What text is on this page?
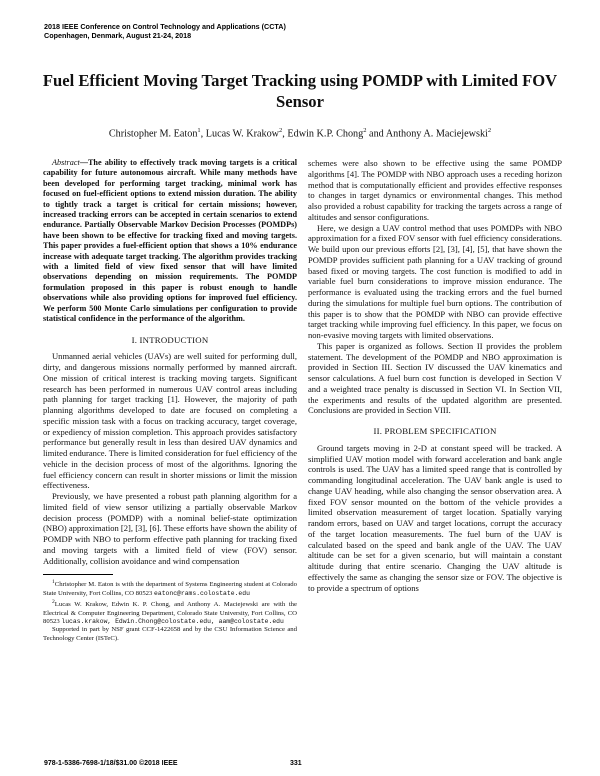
2018 IEEE Conference on Control Technology and Applications (CCTA)
Copenhagen, Denmark, August 21-24, 2018
Fuel Efficient Moving Target Tracking using POMDP with Limited FOV Sensor

Christopher M. Eaton$^1$, Lucas W. Krakow$^2$, Edwin K.P. Chong$^2$ and Anthony A. Maciejewski$^2$

Abstract—The ability to effectively track moving targets is a critical capability for future autonomous aircraft. While many methods have been developed for performing target tracking, minimal work has focused on fuel-efficient options to extend mission duration. The ability to tightly track a target is critical for certain missions; however, increased tracking errors can be accepted in certain scenarios to extend endurance. Partially Observable Markov Decision Processes (POMDPs) have been shown to be effective for tracking fixed and moving targets. This paper provides a fuel-efficient option that shows a 10% endurance increase with adequate target tracking. The algorithm provides tracking with a limited field of view fixed sensor that will have limited observations depending on mission requirements. The POMDP formulation proposed in this paper is robust enough to handle observations while also providing options for improved fuel efficiency. We perform 500 Monte Carlo simulations per configuration to provide statistical confidence in the performance of the algorithm.

I. INTRODUCTION

Unmanned aerial vehicles (UAVs) are well suited for performing dull, dirty, and dangerous missions normally performed by manned aircraft. One mission of critical interest is tracking moving targets. Significant research has been performed in numerous UAV control areas including path planning for target tracking [1]. However, the majority of path planning algorithms developed to date are focused on completing a specific mission task with a focus on tracking accuracy, target coverage, or expediency of mission completion. This approach provides satisfactory performance but generally result in less than desired UAV dynamics and limited endurance. There is limited consideration for fuel efficiency of the vehicle in the decision process of most of the algorithms. Ignoring the fuel efficiency concern can result in shorter missions or limit the mission effectiveness.

Previously, we have presented a robust path planning algorithm for a limited field of view sensor utilizing a partially observable Markov decision process (POMDP) with a nominal belief-state optimization (NBO) approximation [2], [3], [6]. These efforts have shown the ability of POMDP with NBO to perform effective path planning for tracking fixed and moving targets with a limited field of view (FOV) sensor. Additionally, collision avoidance and wind compensation

$^1$Christopher M. Eaton is with the department of Systems Engineering student at Colorado State University, Fort Collins, CO 80523 eatonc@rams.colostate.edu

$^2$Lucas W. Krakow, Edwin K. P. Chong, and Anthony A. Maciejewski are with the Electrical & Computer Engineering Department, Colorado State University, Fort Collins, CO 80523 lucas.krakow, Edwin.Chong@colostate.edu, aam@colostate.edu

Supported in part by NSF grant CCF-1422658 and by the CSU Information Science and Technology Center (ISTeC).

schemes were also shown to be effective using the same POMDP algorithms [4]. The POMDP with NBO approach uses a receding horizon method that is computationally efficient and provides effective responses to changes in target dynamics or environmental changes. This method also provided a robust capability for tracking the targets across a range of altitudes and sensor configurations.

Here, we design a UAV control method that uses POMDPs with NBO approximation for a fixed FOV sensor with fuel efficiency considerations. We build upon our previous efforts [2], [3], [4], [5], that have shown the POMDP provides sufficient path planning for a UAV tracking of ground based fixed or moving targets. The cost function is modified to add in variable fuel burn considerations to improve mission endurance. The performance is evaluated using the tracking errors and the fuel burned during the simulations for multiple fuel burn options. The contribution of this paper is to show that the POMDP with NBO can provide effective target tracking while improving fuel efficiency. In this paper, we focus on non-evasive moving targets with limited observations.

This paper is organized as follows. Section II provides the problem statement. The development of the POMDP and NBO approximation is provided in Section III. Section IV discussed the UAV kinematics and sensor calculations. A fuel burn cost function is developed in Section V and a weighted trace penalty is discussed in Section VI. In Section VII, the experiments and results of the updated algorithm are presented. Conclusions are provided in Section VIII.

II. PROBLEM SPECIFICATION

Ground targets moving in 2-D at constant speed will be tracked. A simplified UAV motion model with forward acceleration and bank angle controls is used. The UAV has a limited speed range that is controlled by commanding longitudinal acceleration. The UAV bank angle is used to change UAV heading, while also changing the sensor observation area. A fixed FOV sensor mounted on the bottom of the vehicle provides a limited observation measurement of target location. Spatially varying random errors, based on UAV and target locations, corrupt the accuracy of the target location measurements. The fuel burn of the UAV is calculated based on the speed and bank angle of the UAV. The UAV altitude can be set for a given scenario, but will maintain a constant altitude during that entire scenario. Changing the UAV altitude is effectively the same as changing the sensor size or FOV. The objective is to provide a spectrum of options

978-1-5386-7698-1/18/$31.00 ©2018 IEEE	331
